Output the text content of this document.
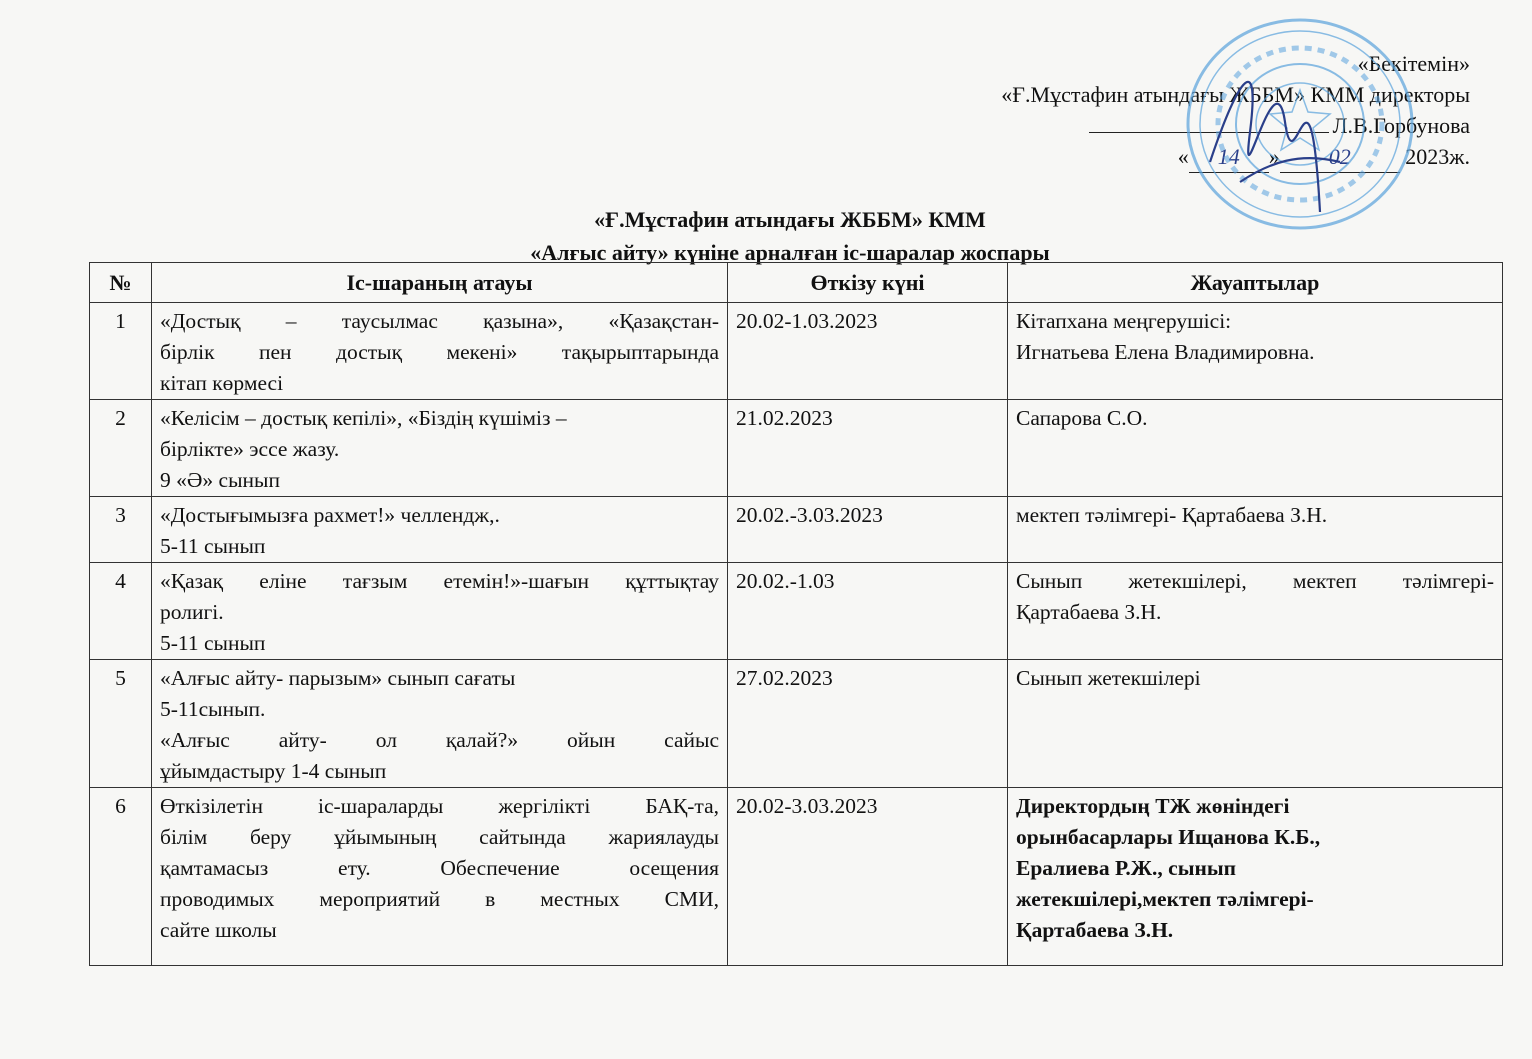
«Бекітемін»
«Ғ.Мұстафин атындағы ЖББМ» КММ директоры
Л.В.Горбунова
« 14 » 02 2023ж.
«Ғ.Мұстафин атындағы ЖББМ» КММ
«Алғыс айту» күніне арналған іс-шаралар жоспары
№	Іс-шараның атауы	Өткізу күні	Жауаптылар
1	«Достық – таусылмас қазына», «Қазақстан-
бірлік пен достық мекені» тақырыптарында
кітап көрмесі	20.02-1.03.2023	Кітапхана меңгерушісі:
Игнатьева Елена Владимировна.

2	«Келісім – достық кепілі», «Біздің күшіміз –
бірлікте» эссе жазу.
9 «Ә» сынып	21.02.2023	Сапарова С.О.

3	«Достығымызға рахмет!» челлендж,.
5-11 сынып	20.02.-3.03.2023	мектеп тәлімгері- Қартабаева З.Н.

4	«Қазақ еліне тағзым етемін!»-шағын құттықтау
ролигі.
5-11 сынып	20.02.-1.03	Сынып жетекшілері, мектеп тәлімгері-
Қартабаева З.Н.

5	«Алғыс айту- парызым» сынып сағаты
5-11сынып.
«Алғыс айту- ол қалай?» ойын сайыс
ұйымдастыру 1-4 сынып	27.02.2023	Сынып жетекшілері

6	Өткізілетін іс-шараларды жергілікті БАҚ-та,
білім беру ұйымының сайтында жариялауды
қамтамасыз ету. Обеспечение осещения
проводимых мероприятий в местных СМИ,
сайте школы	20.02-3.03.2023	Директордың ТЖ жөніндегі
орынбасарлары Ищанова К.Б.,
Ералиева Р.Ж., сынып
жетекшілері,мектеп тәлімгері-
Қартабаева З.Н.
